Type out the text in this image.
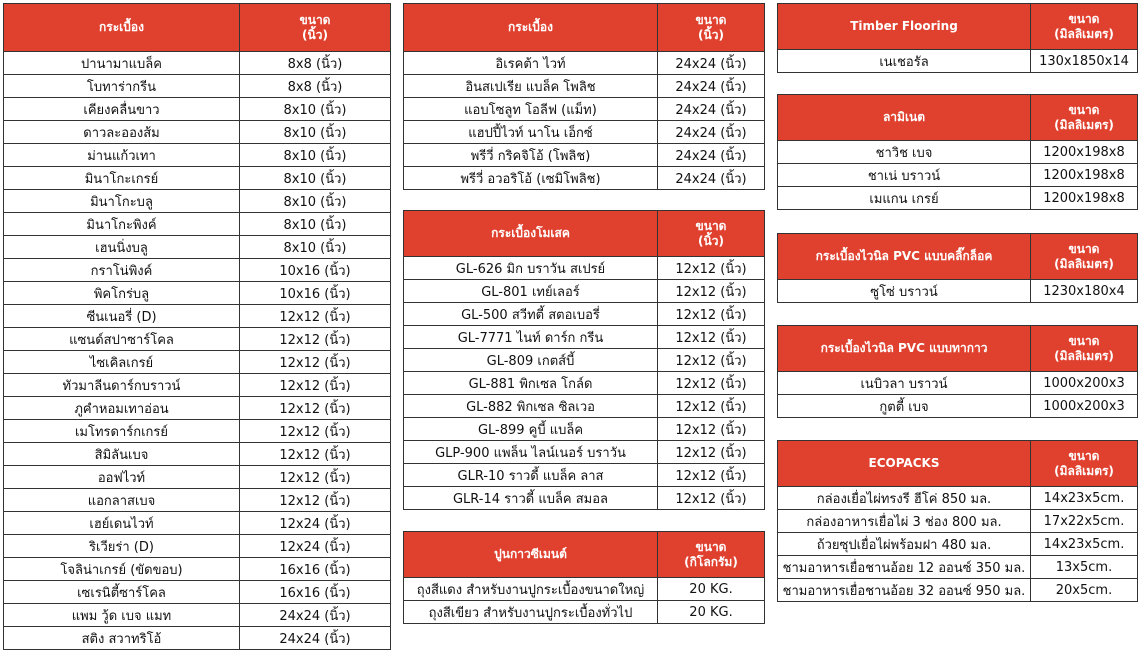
กระเบื้อง	ขนาด
(นิ้ว)

ปานามาแบล็ค	8x8 (นิ้ว)
โบทาร่ากรีน	8x8 (นิ้ว)
เคียงคลื่นขาว	8x10 (นิ้ว)
ดาวละอองส้ม	8x10 (นิ้ว)
ม่านแก้วเทา	8x10 (นิ้ว)
มินาโกะเกรย์	8x10 (นิ้ว)
มินาโกะบลู	8x10 (นิ้ว)
มินาโกะพิงค์	8x10 (นิ้ว)
เฮนนิ่งบลู	8x10 (นิ้ว)
กราโน่พิงค์	10x16 (นิ้ว)
พิคโกร่บลู	10x16 (นิ้ว)
ซีนเนอรี่ (D)	12x12 (นิ้ว)
แซนด์สปาซาร์โคล	12x12 (นิ้ว)
ไซเคิลเกรย์	12x12 (นิ้ว)
ทัวมาลีนดาร์กบราวน์	12x12 (นิ้ว)
ภูคำหอมเทาอ่อน	12x12 (นิ้ว)
เมโทรดาร์กเกรย์	12x12 (นิ้ว)
สิมิลันเบจ	12x12 (นิ้ว)
ออฟไวท์	12x12 (นิ้ว)
แอกลาสเบจ	12x12 (นิ้ว)
เฮย์เดนไวท์	12x24 (นิ้ว)
ริเวียร่า (D)	12x24 (นิ้ว)
โจลิน่าเกรย์ (ขัดขอบ)	16x16 (นิ้ว)
เซเรนิตี้ซาร์โคล	16x16 (นิ้ว)
แพม วู้ด เบจ แมท	24x24 (นิ้ว)
สติง สวาทริโอ้	24x24 (นิ้ว)
กระเบื้อง	ขนาด
(นิ้ว)

อิเรคต้า ไวท์	24x24 (นิ้ว)
อินสเปเรีย แบล็ค โพลิช	24x24 (นิ้ว)
แอบโซลูท โอลีฟ (แม็ท)	24x24 (นิ้ว)
แฮปปี้ไวท์ นาโน เอ็กซ์	24x24 (นิ้ว)
พรีวี่ กริคจิโอ้ (โพลิช)	24x24 (นิ้ว)
พรีวี่ อวอริโอ้ (เซมิโพลิช)	24x24 (นิ้ว)
กระเบื้องโมเสค	ขนาด
(นิ้ว)

GL-626 มิก บราวัน สเปรย์	12x12 (นิ้ว)
GL-801 เทย์เลอร์	12x12 (นิ้ว)
GL-500 สวีทตี้ สตอเบอรี่	12x12 (นิ้ว)
GL-7771 ไนท์ ดาร์ก กรีน	12x12 (นิ้ว)
GL-809 เกตส์บี้	12x12 (นิ้ว)
GL-881 พิกเซล โกล์ด	12x12 (นิ้ว)
GL-882 พิกเซล ซิลเวอ	12x12 (นิ้ว)
GL-899 คูบี้ แบล็ค	12x12 (นิ้ว)
GLP-900 แพล็น ไลน์เนอร์ บราวัน	12x12 (นิ้ว)
GLR-10 ราวดี้ แบล็ค ลาส	12x12 (นิ้ว)
GLR-14 ราวดี้ แบล็ค สมอล	12x12 (นิ้ว)
ปูนกาวซีเมนต์	ขนาด
(กิโลกรัม)

ถุงสีแดง สำหรับงานปูกระเบื้องขนาดใหญ่	20 KG.
ถุงสีเขียว สำหรับงานปูกระเบื้องทั่วไป	20 KG.
Timber Flooring	ขนาด
(มิลลิเมตร)

เนเชอรัล	130x1850x14
ลามิเนต	ขนาด
(มิลลิเมตร)

ชาวิช เบจ	1200x198x8
ชาเน่ บราวน์	1200x198x8
เมแกน เกรย์	1200x198x8
กระเบื้องไวนิล PVC แบบคลิ๊กล็อค	ขนาด
(มิลลิเมตร)

ซูโซ่ บราวน์	1230x180x4
กระเบื้องไวนิล PVC แบบทากาว	ขนาด
(มิลลิเมตร)

เนบิวลา บราวน์	1000x200x3
กูตตี้ เบจ	1000x200x3
ECOPACKS	ขนาด
(มิลลิเมตร)

กล่องเยื่อไผ่ทรงรี ฮีโค่ 850 มล.	14x23x5cm.
กล่องอาหารเยื่อไผ่ 3 ช่อง 800 มล.	17x22x5cm.
ถ้วยซุปเยื่อไผ่พร้อมฝา 480 มล.	14x23x5cm.
ชามอาหารเยื่อชานอ้อย 12 ออนซ์ 350 มล.	13x5cm.
ชามอาหารเยื่อชานอ้อย 32 ออนซ์ 950 มล.	20x5cm.
